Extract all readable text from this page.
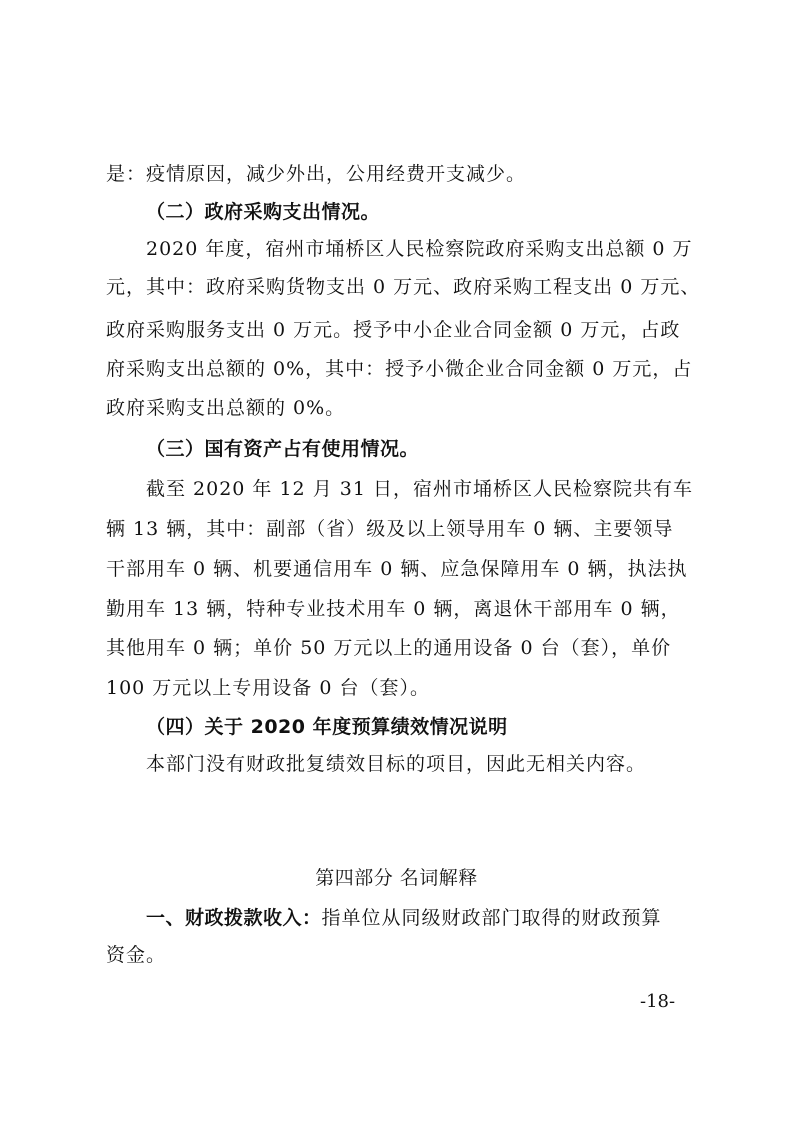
是：疫情原因，减少外出，公用经费开支减少。
（二）政府采购支出情况。
2020 年度，宿州市埇桥区人民检察院政府采购支出总额 0 万
元，其中：政府采购货物支出 0 万元、政府采购工程支出 0 万元、
政府采购服务支出 0 万元。授予中小企业合同金额 0 万元，占政
府采购支出总额的 0%，其中：授予小微企业合同金额 0 万元，占
政府采购支出总额的 0%。
（三）国有资产占有使用情况。
截至 2020 年 12 月 31 日，宿州市埇桥区人民检察院共有车
辆 13 辆，其中：副部（省）级及以上领导用车 0 辆、主要领导
干部用车 0 辆、机要通信用车 0 辆、应急保障用车 0 辆，执法执
勤用车 13 辆，特种专业技术用车 0 辆，离退休干部用车 0 辆，
其他用车 0 辆；单价 50 万元以上的通用设备 0 台（套），单价
100 万元以上专用设备 0 台（套）。
（四）关于 2020 年度预算绩效情况说明
本部门没有财政批复绩效目标的项目，因此无相关内容。
第四部分 名词解释
一、财政拨款收入：指单位从同级财政部门取得的财政预算
资金。
-18-
